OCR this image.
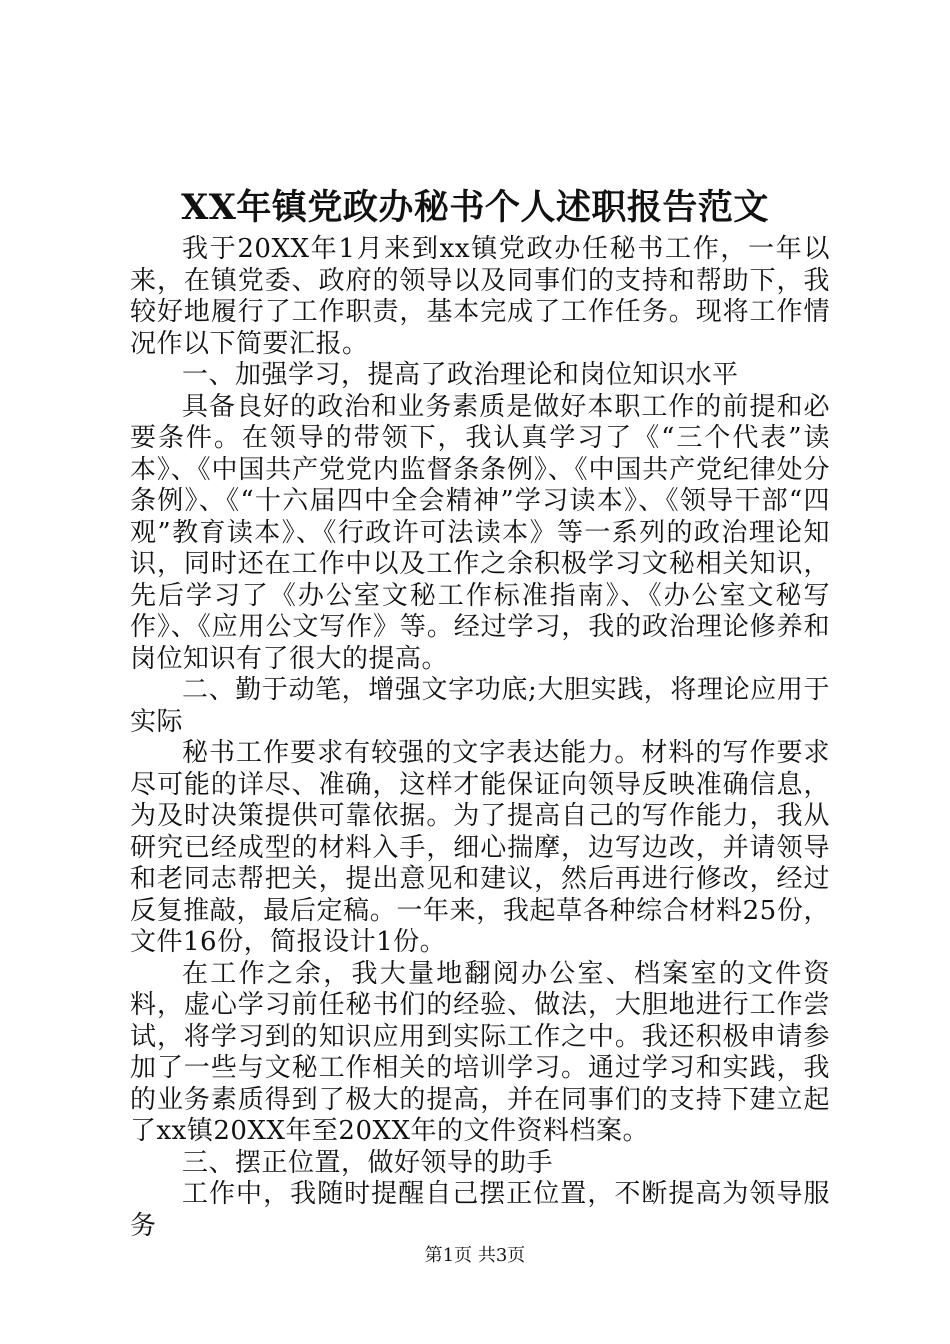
XX年镇党政办秘书个人述职报告范文

我于20XX年1月来到xx镇党政办任秘书工作，一年以来，在镇党委、政府的领导以及同事们的支持和帮助下，我较好地履行了工作职责，基本完成了工作任务。现将工作情况作以下简要汇报。

一、加强学习，提高了政治理论和岗位知识水平

具备良好的政治和业务素质是做好本职工作的前提和必要条件。在领导的带领下，我认真学习了《“三个代表”读本》、《中国共产党党内监督条条例》、《中国共产党纪律处分条例》、《“十六届四中全会精神”学习读本》、《领导干部“四观”教育读本》、《行政许可法读本》等一系列的政治理论知识，同时还在工作中以及工作之余积极学习文秘相关知识，先后学习了《办公室文秘工作标准指南》、《办公室文秘写作》、《应用公文写作》等。经过学习，我的政治理论修养和岗位知识有了很大的提高。

二、勤于动笔，增强文字功底;大胆实践，将理论应用于实际

秘书工作要求有较强的文字表达能力。材料的写作要求尽可能的详尽、准确，这样才能保证向领导反映准确信息，为及时决策提供可靠依据。为了提高自己的写作能力，我从研究已经成型的材料入手，细心揣摩，边写边改，并请领导和老同志帮把关，提出意见和建议，然后再进行修改，经过反复推敲，最后定稿。一年来，我起草各种综合材料25份，文件16份，简报设计1份。

在工作之余，我大量地翻阅办公室、档案室的文件资料，虚心学习前任秘书们的经验、做法，大胆地进行工作尝试，将学习到的知识应用到实际工作之中。我还积极申请参加了一些与文秘工作相关的培训学习。通过学习和实践，我的业务素质得到了极大的提高，并在同事们的支持下建立起了xx镇20XX年至20XX年的文件资料档案。

三、摆正位置，做好领导的助手

工作中，我随时提醒自己摆正位置，不断提高为领导服务

第1页 共3页
